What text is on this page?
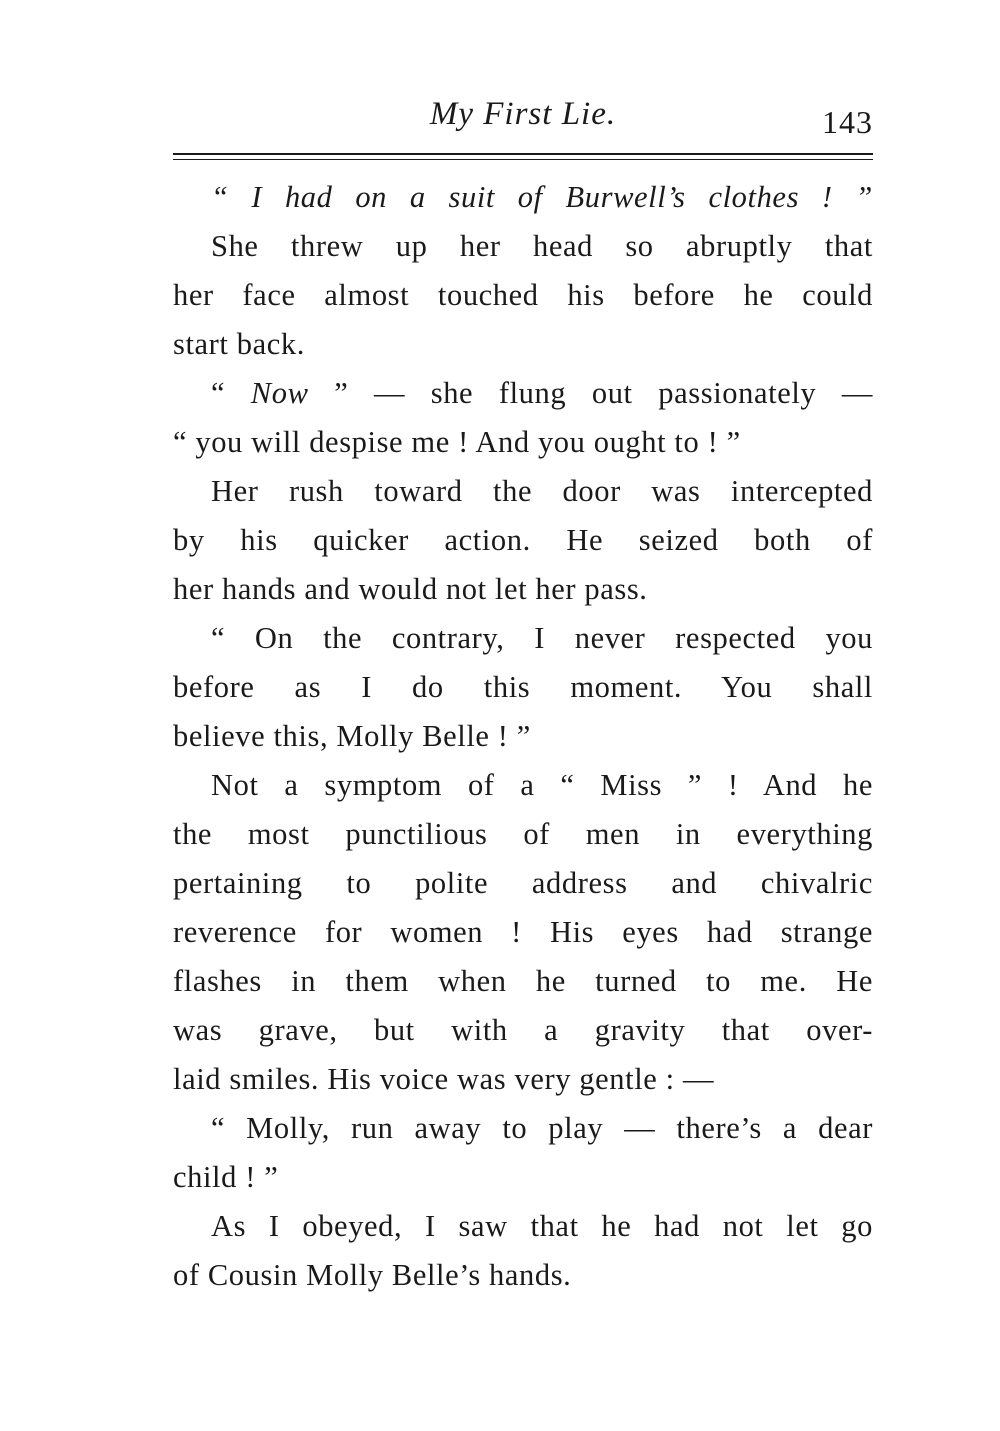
My First Lie.	143
“ I had on a suit of Burwell’s clothes ! ”
She threw up her head so abruptly that
her face almost touched his before he could
start back.
“ Now ” — she flung out passionately —
“ you will despise me ! And you ought to ! ”
Her rush toward the door was intercepted
by his quicker action. He seized both of
her hands and would not let her pass.
“ On the contrary, I never respected you
before as I do this moment. You shall
believe this, Molly Belle ! ”
Not a symptom of a “ Miss ” ! And he
the most punctilious of men in everything
pertaining to polite address and chivalric
reverence for women ! His eyes had strange
flashes in them when he turned to me. He
was grave, but with a gravity that over-
laid smiles. His voice was very gentle : —
“ Molly, run away to play — there’s a dear
child ! ”
As I obeyed, I saw that he had not let go
of Cousin Molly Belle’s hands.
